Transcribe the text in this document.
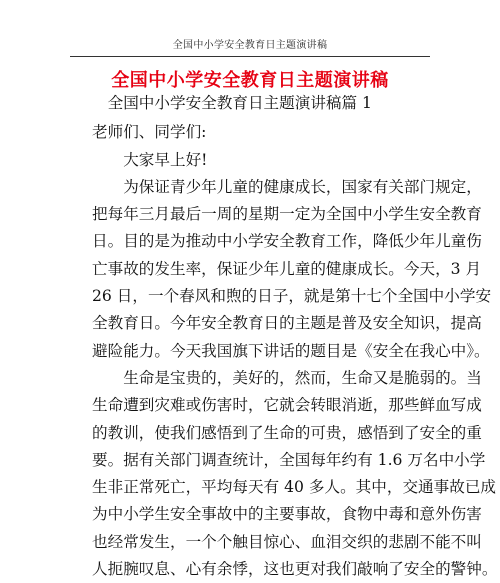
全国中小学安全教育日主题演讲稿
全国中小学安全教育日主题演讲稿

全国中小学安全教育日主题演讲稿篇 1

老师们、同学们:

大家早上好!

为保证青少年儿童的健康成长，国家有关部门规定，
把每年三月最后一周的星期一定为全国中小学生安全教育
日。目的是为推动中小学安全教育工作，降低少年儿童伤
亡事故的发生率，保证少年儿童的健康成长。今天，3 月
26 日，一个春风和煦的日子，就是第十七个全国中小学安
全教育日。今年安全教育日的主题是普及安全知识，提高
避险能力。今天我国旗下讲话的题目是《安全在我心中》。

生命是宝贵的，美好的，然而，生命又是脆弱的。当
生命遭到灾难或伤害时，它就会转眼消逝，那些鲜血写成
的教训，使我们感悟到了生命的可贵，感悟到了安全的重
要。据有关部门调查统计，全国每年约有 1.6 万名中小学
生非正常死亡，平均每天有 40 多人。其中，交通事故已成
为中小学生安全事故中的主要事故，食物中毒和意外伤害
也经常发生，一个个触目惊心、血泪交织的悲剧不能不叫
人扼腕叹息、心有余悸，这也更对我们敲响了安全的警钟。
